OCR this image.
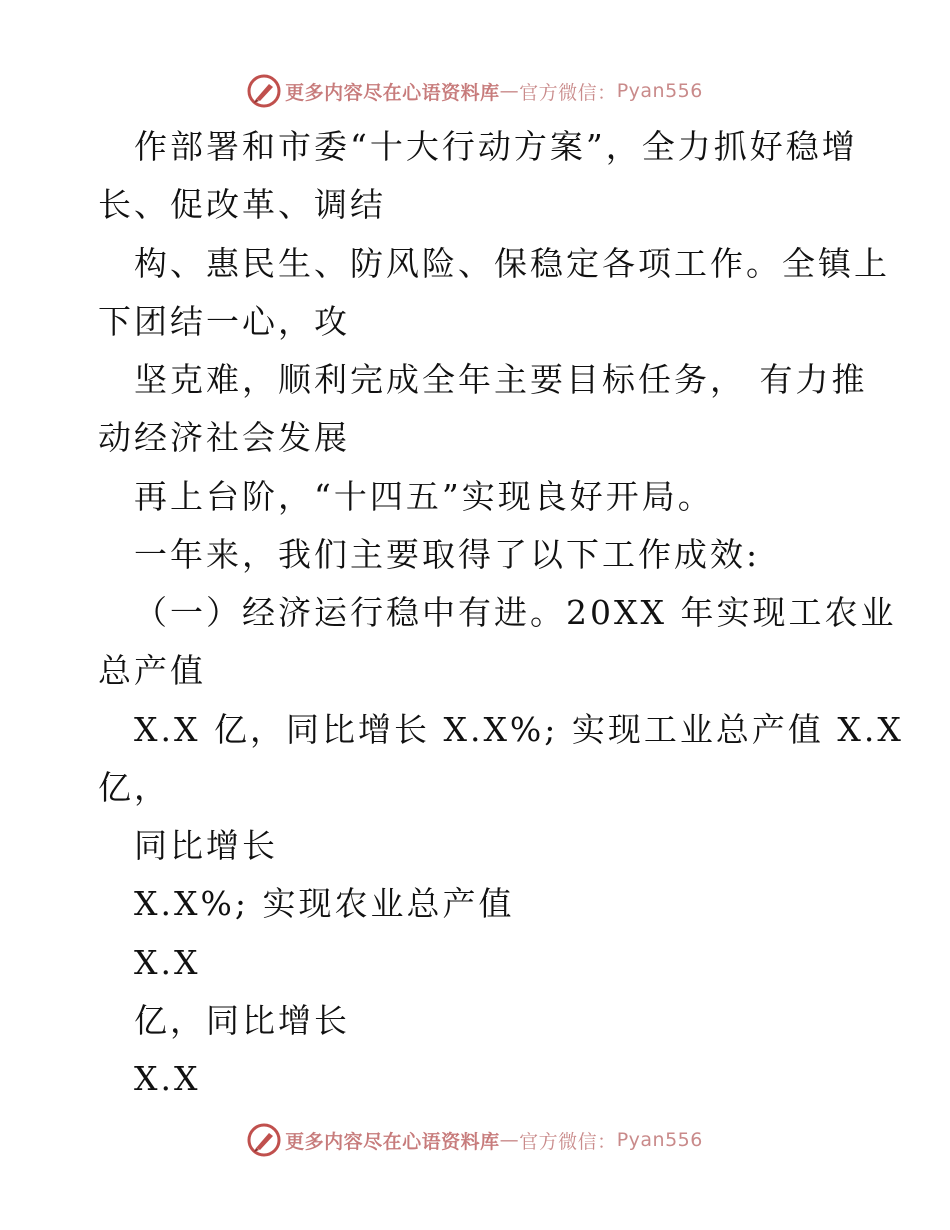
更多内容尽在心语资料库 — 官方微信： Pyan556
作部署和市委“十大行动方案”，全力抓好稳增
长、促改革、调结
构、惠民生、防风险、保稳定各项工作。全镇上
下团结一心，攻
坚克难，顺利完成全年主要目标任务， 有力推
动经济社会发展
再上台阶，“十四五”实现良好开局。
一年来，我们主要取得了以下工作成效:
（一）经济运行稳中有进。20XX 年实现工农业
总产值
X.X 亿，同比增长 X.X%; 实现工业总产值 X.X
亿，
同比增长
X.X%; 实现农业总产值
X.X
亿，同比增长
X.X
更多内容尽在心语资料库 — 官方微信： Pyan556
